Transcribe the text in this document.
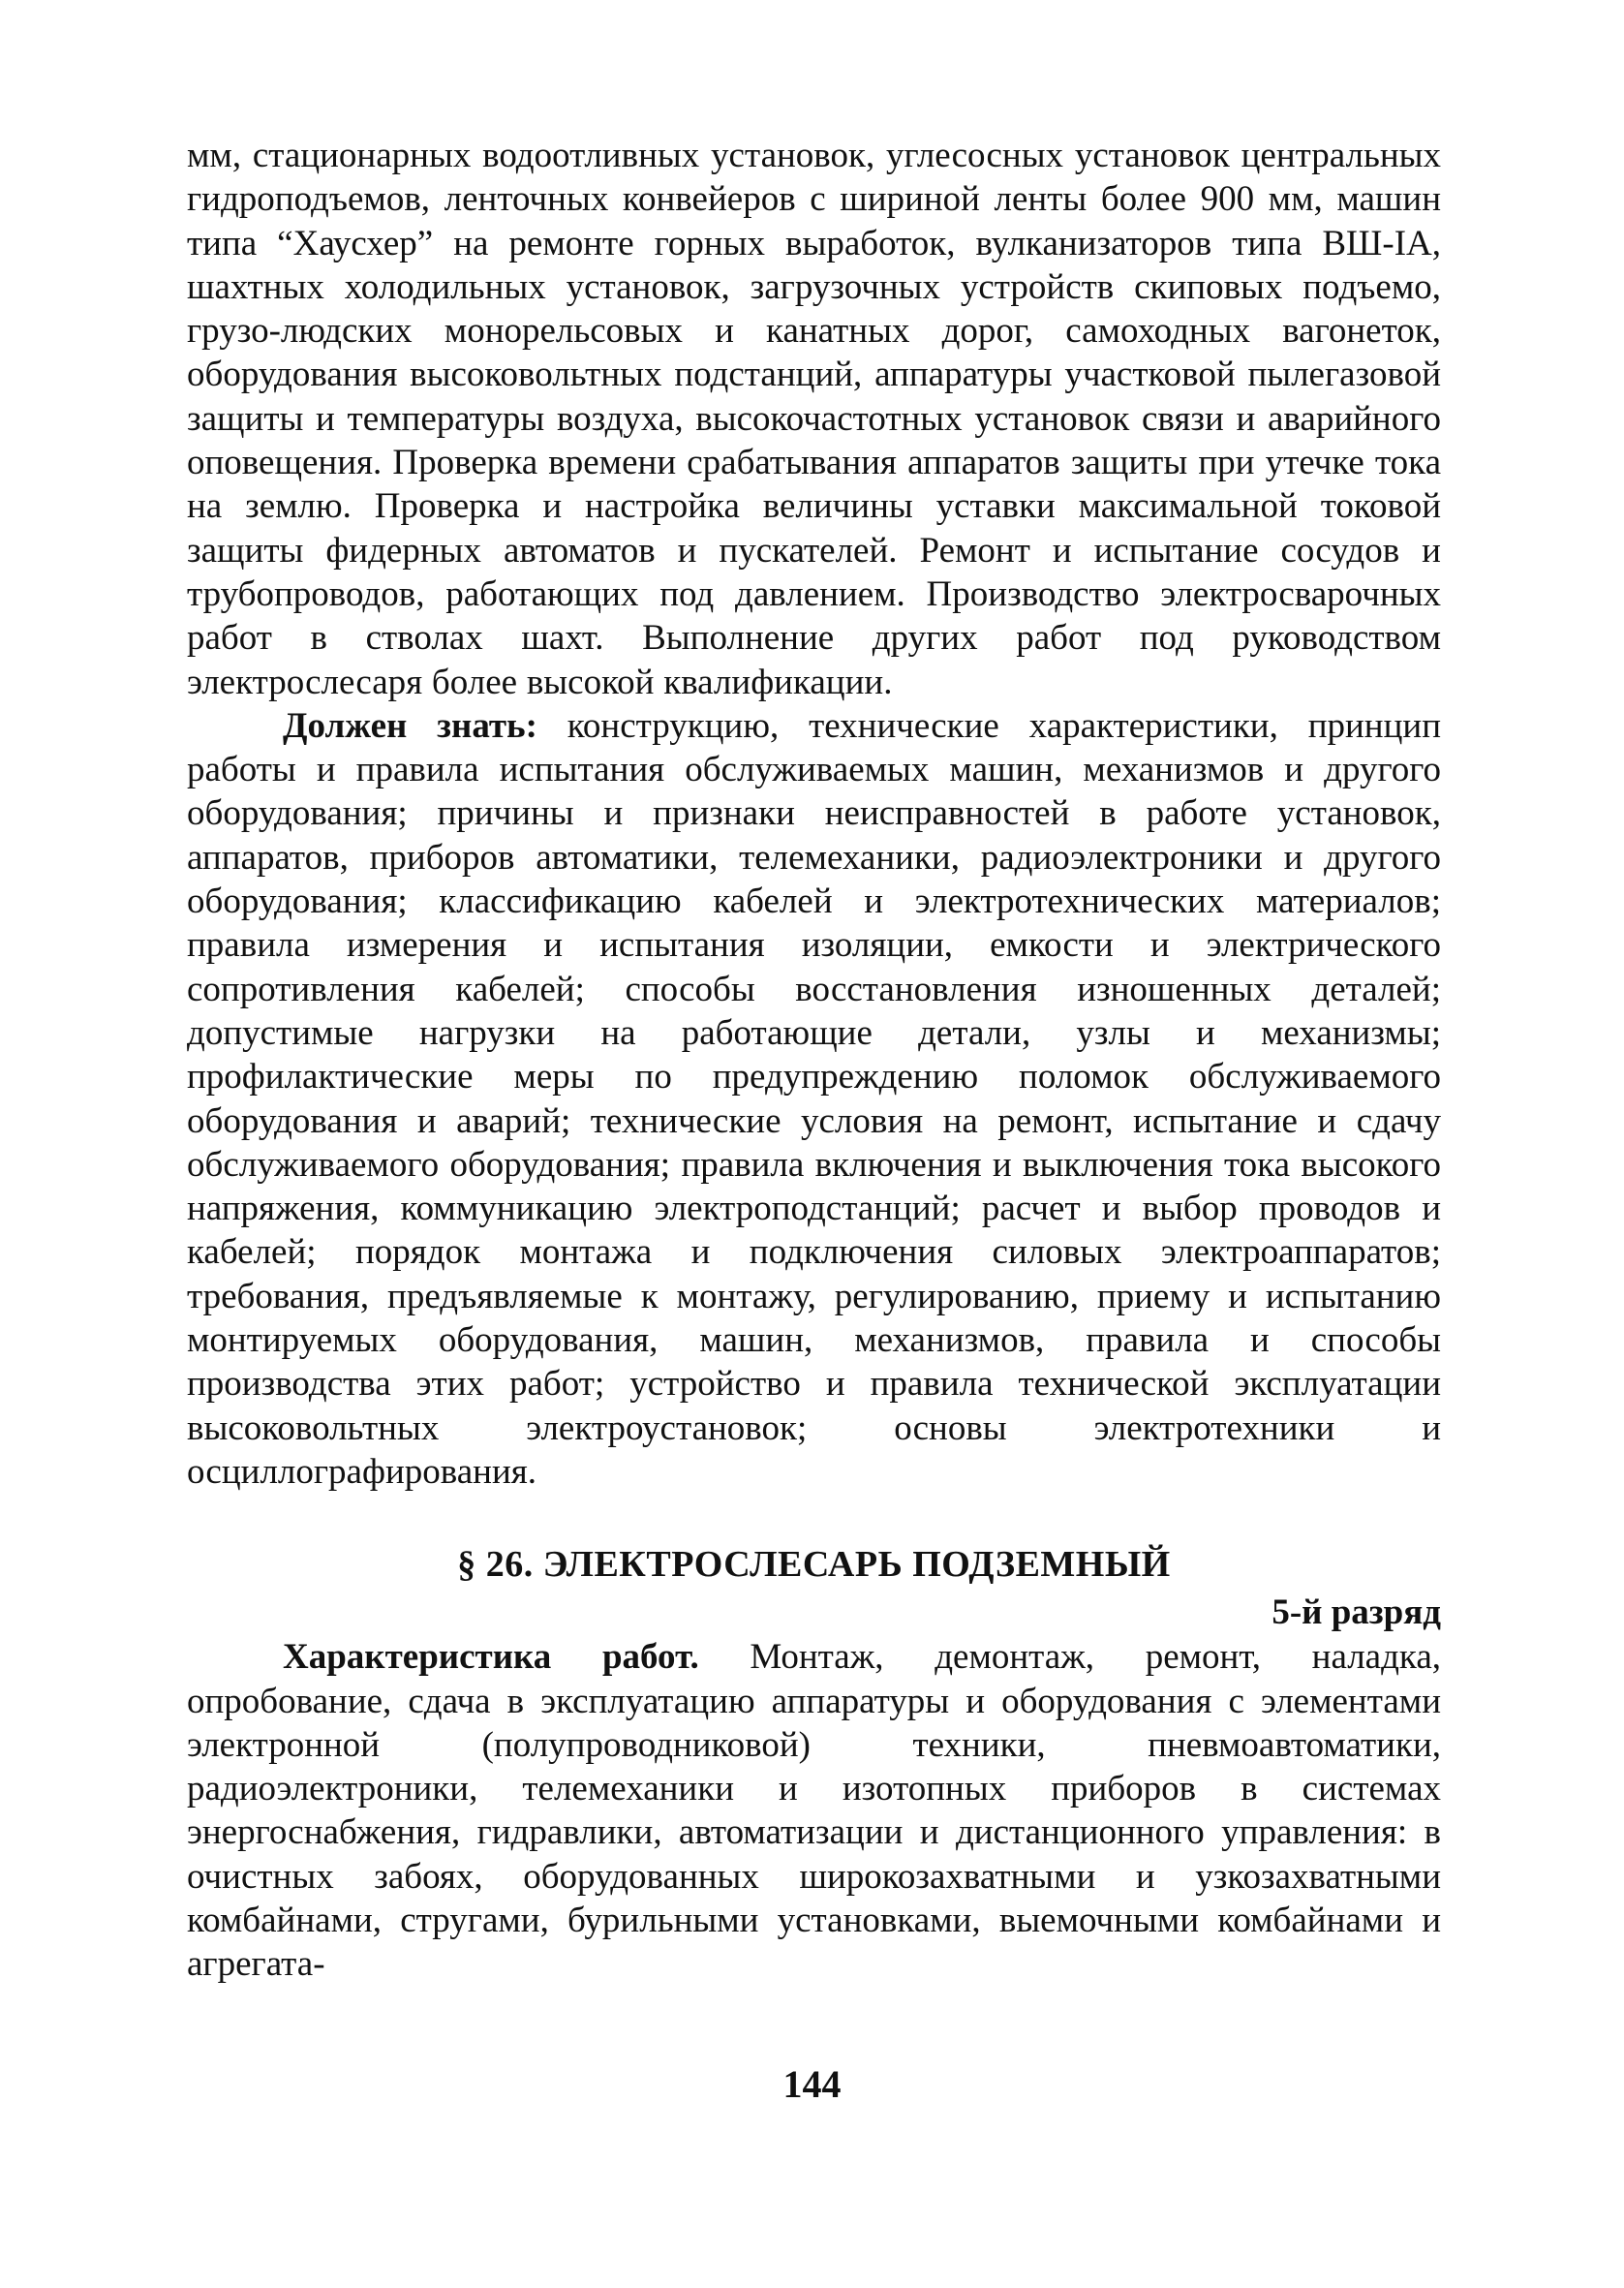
мм, стационарных водоотливных установок, углесосных установок центральных гидроподъемов, ленточных конвейеров с шириной ленты более 900 мм, машин типа “Хаусхер” на ремонте горных выработок, вулканизаторов типа ВШ-IА, шахтных холодильных установок, загрузочных устройств скиповых подъемо, грузо-людских монорельсовых и канатных дорог, самоходных вагонеток, оборудования высоковольтных подстанций, аппаратуры участковой пылегазовой защиты и температуры воздуха, высокочастотных установок связи и аварийного оповещения. Проверка времени срабатывания аппаратов защиты при утечке тока на землю. Проверка и настройка величины уставки максимальной токовой защиты фидерных автоматов и пускателей. Ремонт и испытание сосудов и трубопроводов, работающих под давлением. Производство электросварочных работ в стволах шахт. Выполнение других работ под руководством электрослесаря более высокой квалификации.

Должен знать: конструкцию, технические характеристики, принцип работы и правила испытания обслуживаемых машин, механизмов и другого оборудования; причины и признаки неисправностей в работе установок, аппаратов, приборов автоматики, телемеханики, радиоэлектроники и другого оборудования; классификацию кабелей и электротехнических материалов; правила измерения и испытания изоляции, емкости и электрического сопротивления кабелей; способы восстановления изношенных деталей; допустимые нагрузки на работающие детали, узлы и механизмы; профилактические меры по предупреждению поломок обслуживаемого оборудования и аварий; технические условия на ремонт, испытание и сдачу обслуживаемого оборудования; правила включения и выключения тока высокого напряжения, коммуникацию электроподстанций; расчет и выбор проводов и кабелей; порядок монтажа и подключения силовых электроаппаратов; требования, предъявляемые к монтажу, регулированию, приему и испытанию монтируемых оборудования, машин, механизмов, правила и способы производства этих работ; устройство и правила технической эксплуатации высоковольтных электроустановок; основы электротехники и осциллографирования.

§ 26. ЭЛЕКТРОСЛЕСАРЬ ПОДЗЕМНЫЙ
5-й разряд

Характеристика работ. Монтаж, демонтаж, ремонт, наладка, опробование, сдача в эксплуатацию аппаратуры и оборудования с элементами электронной (полупроводниковой) техники, пневмоавтоматики, радиоэлектроники, телемеханики и изотопных приборов в системах энергоснабжения, гидравлики, автоматизации и дистанционного управления: в очистных забоях, оборудованных широкозахватными и узкозахватными комбайнами, стругами, бурильными установками, выемочными комбайнами и агрегата-

144
